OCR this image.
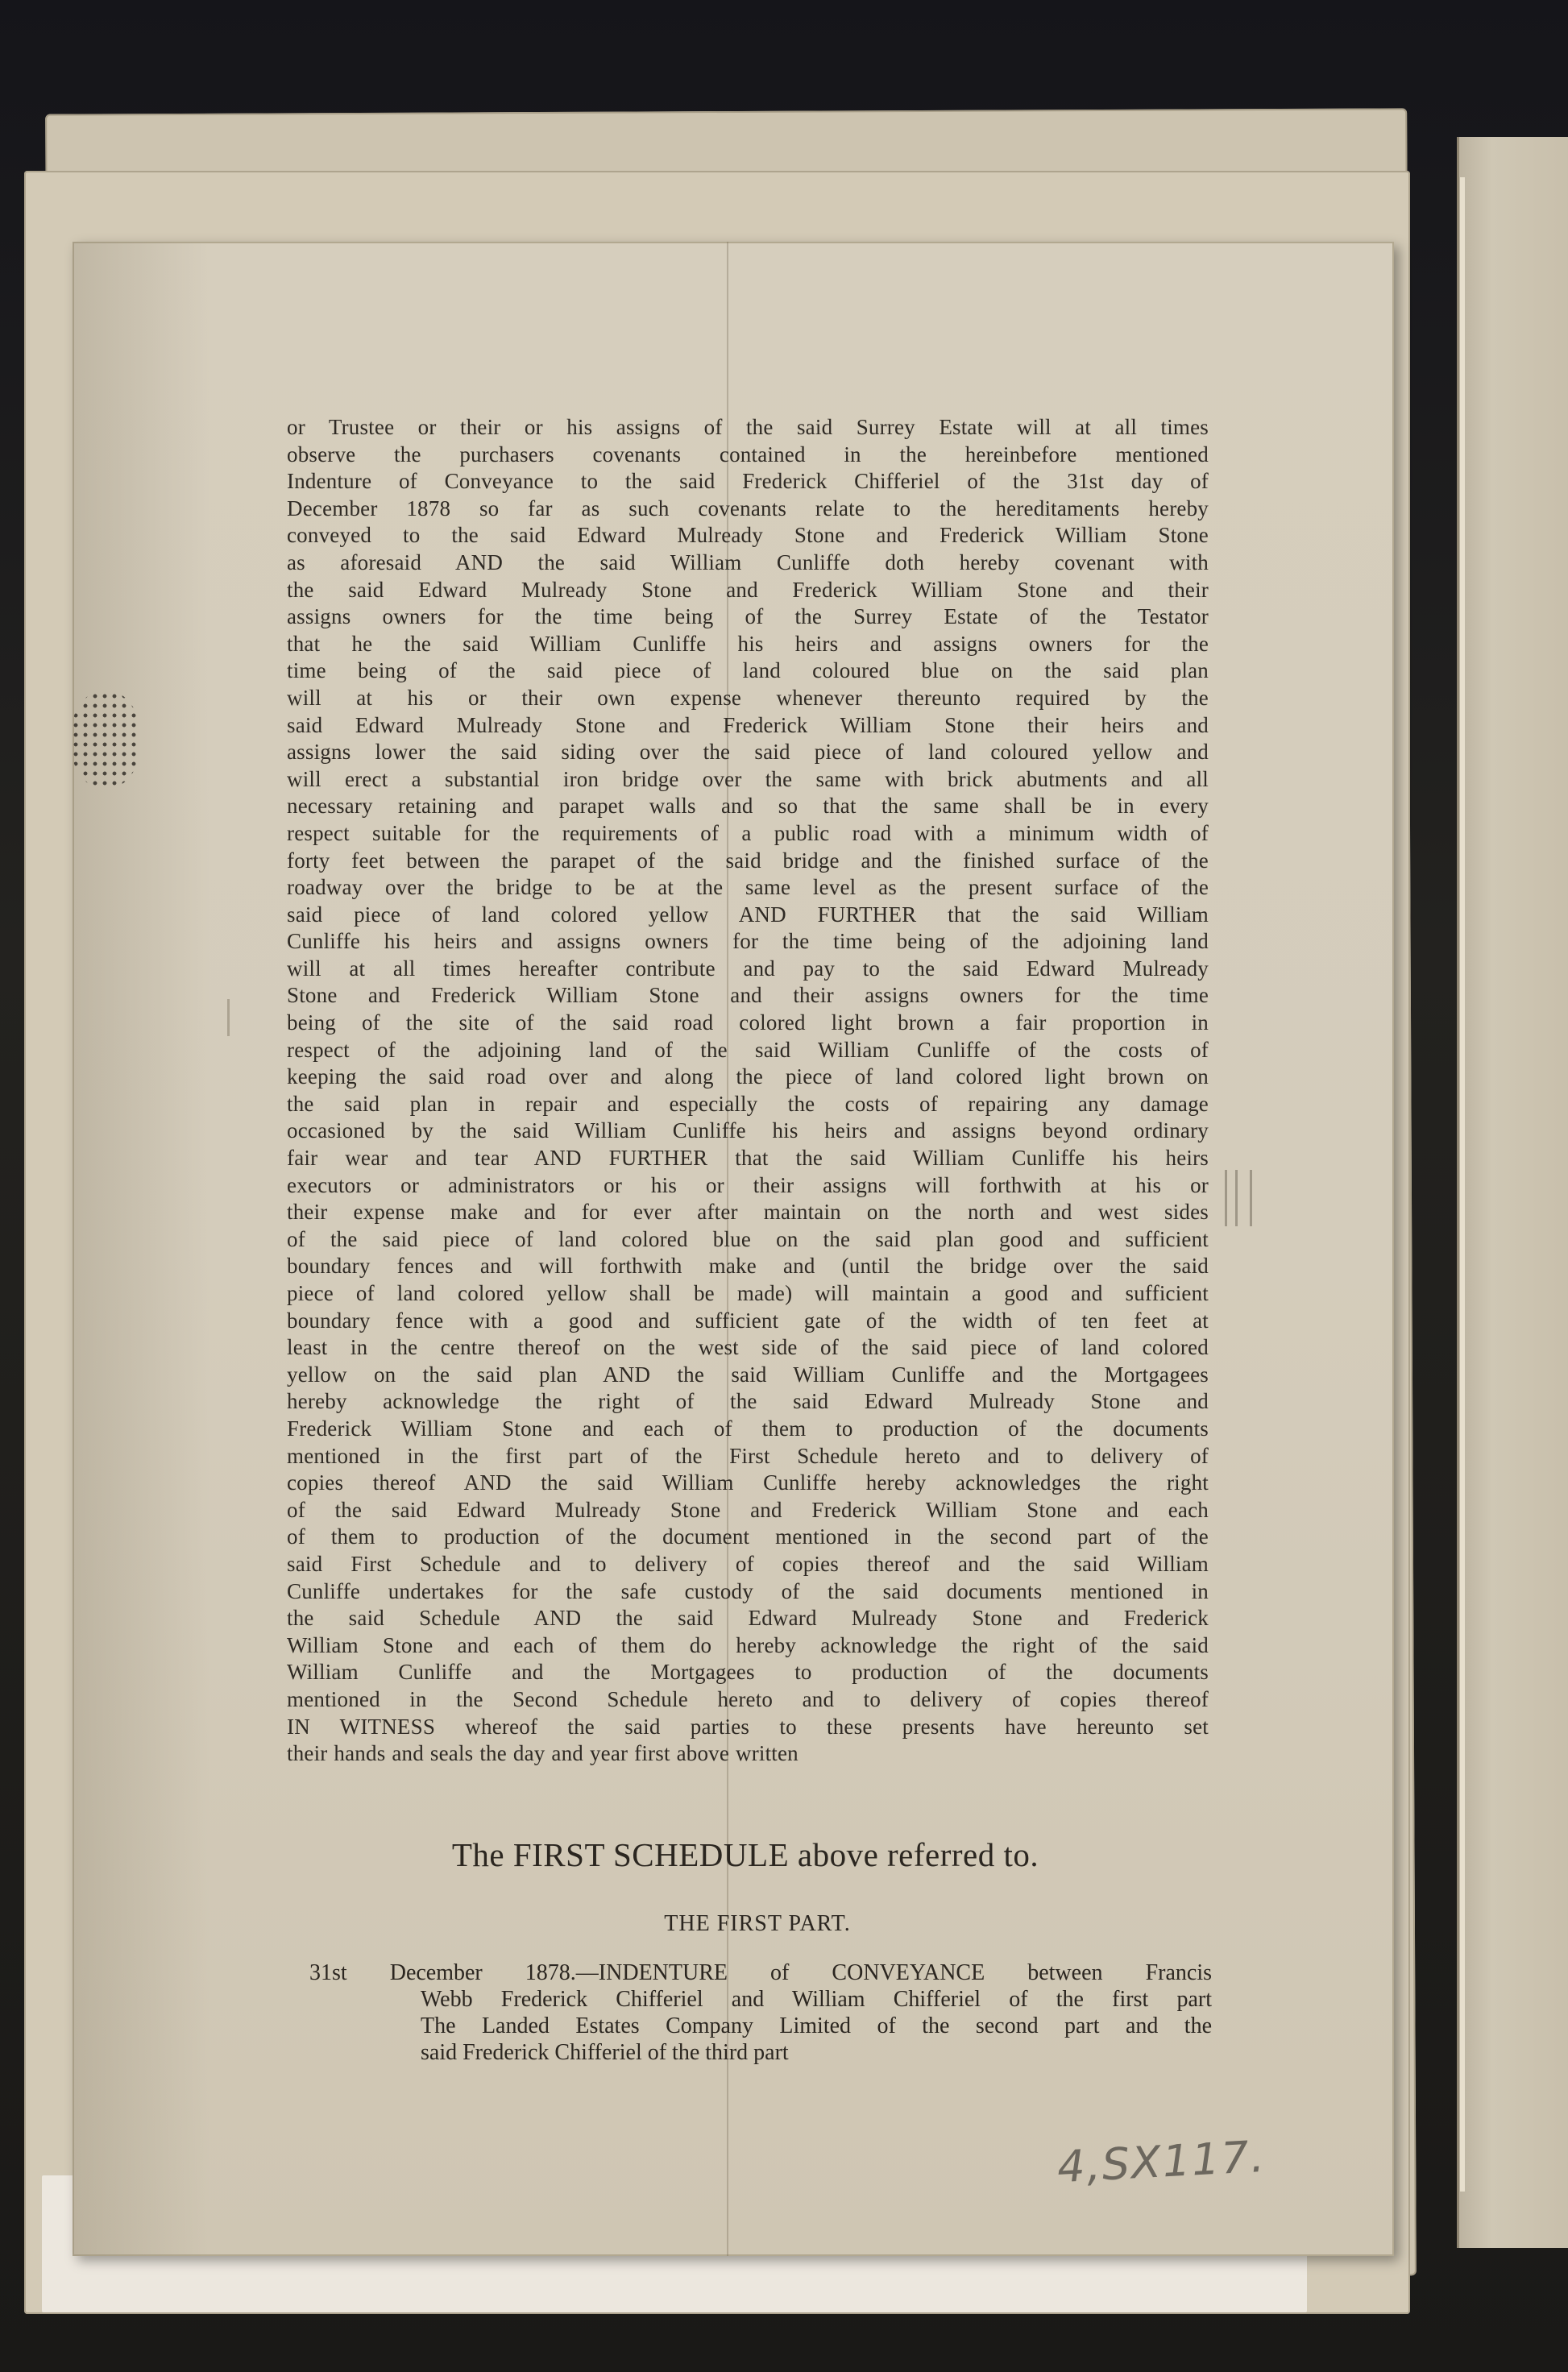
or Trustee or their or his assigns of the said Surrey Estate will at all times
observe the purchasers covenants contained in the hereinbefore mentioned
Indenture of Conveyance to the said Frederick Chifferiel of the 31st day of
December 1878 so far as such covenants relate to the hereditaments hereby
conveyed to the said Edward Mulready Stone and Frederick William Stone
as aforesaid AND the said William Cunliffe doth hereby covenant with
the said Edward Mulready Stone and Frederick William Stone and their
assigns owners for the time being of the Surrey Estate of the Testator
that he the said William Cunliffe his heirs and assigns owners for the
time being of the said piece of land coloured blue on the said plan
will at his or their own expense whenever thereunto required by the
said Edward Mulready Stone and Frederick William Stone their heirs and
assigns lower the said siding over the said piece of land coloured yellow and
will erect a substantial iron bridge over the same with brick abutments and all
necessary retaining and parapet walls and so that the same shall be in every
respect suitable for the requirements of a public road with a minimum width of
forty feet between the parapet of the said bridge and the finished surface of the
roadway over the bridge to be at the same level as the present surface of the
said piece of land colored yellow AND FURTHER that the said William
Cunliffe his heirs and assigns owners for the time being of the adjoining land
will at all times hereafter contribute and pay to the said Edward Mulready
Stone and Frederick William Stone and their assigns owners for the time
being of the site of the said road colored light brown a fair proportion in
respect of the adjoining land of the said William Cunliffe of the costs of
keeping the said road over and along the piece of land colored light brown on
the said plan in repair and especially the costs of repairing any damage
occasioned by the said William Cunliffe his heirs and assigns beyond ordinary
fair wear and tear AND FURTHER that the said William Cunliffe his heirs
executors or administrators or his or their assigns will forthwith at his or
their expense make and for ever after maintain on the north and west sides
of the said piece of land colored blue on the said plan good and sufficient
boundary fences and will forthwith make and (until the bridge over the said
piece of land colored yellow shall be made) will maintain a good and sufficient
boundary fence with a good and sufficient gate of the width of ten feet at
least in the centre thereof on the west side of the said piece of land colored
yellow on the said plan AND the said William Cunliffe and the Mortgagees
hereby acknowledge the right of the said Edward Mulready Stone and
Frederick William Stone and each of them to production of the documents
mentioned in the first part of the First Schedule hereto and to delivery of
copies thereof AND the said William Cunliffe hereby acknowledges the right
of the said Edward Mulready Stone and Frederick William Stone and each
of them to production of the document mentioned in the second part of the
said First Schedule and to delivery of copies thereof and the said William
Cunliffe undertakes for the safe custody of the said documents mentioned in
the said Schedule AND the said Edward Mulready Stone and Frederick
William Stone and each of them do hereby acknowledge the right of the said
William Cunliffe and the Mortgagees to production of the documents
mentioned in the Second Schedule hereto and to delivery of copies thereof
IN WITNESS whereof the said parties to these presents have hereunto set
their hands and seals the day and year first above written
The FIRST SCHEDULE above referred to.
THE FIRST PART.
31st December 1878.—INDENTURE of CONVEYANCE between Francis
Webb Frederick Chifferiel and William Chifferiel of the first part
The Landed Estates Company Limited of the second part and the
said Frederick Chifferiel of the third part
4,SX117.
